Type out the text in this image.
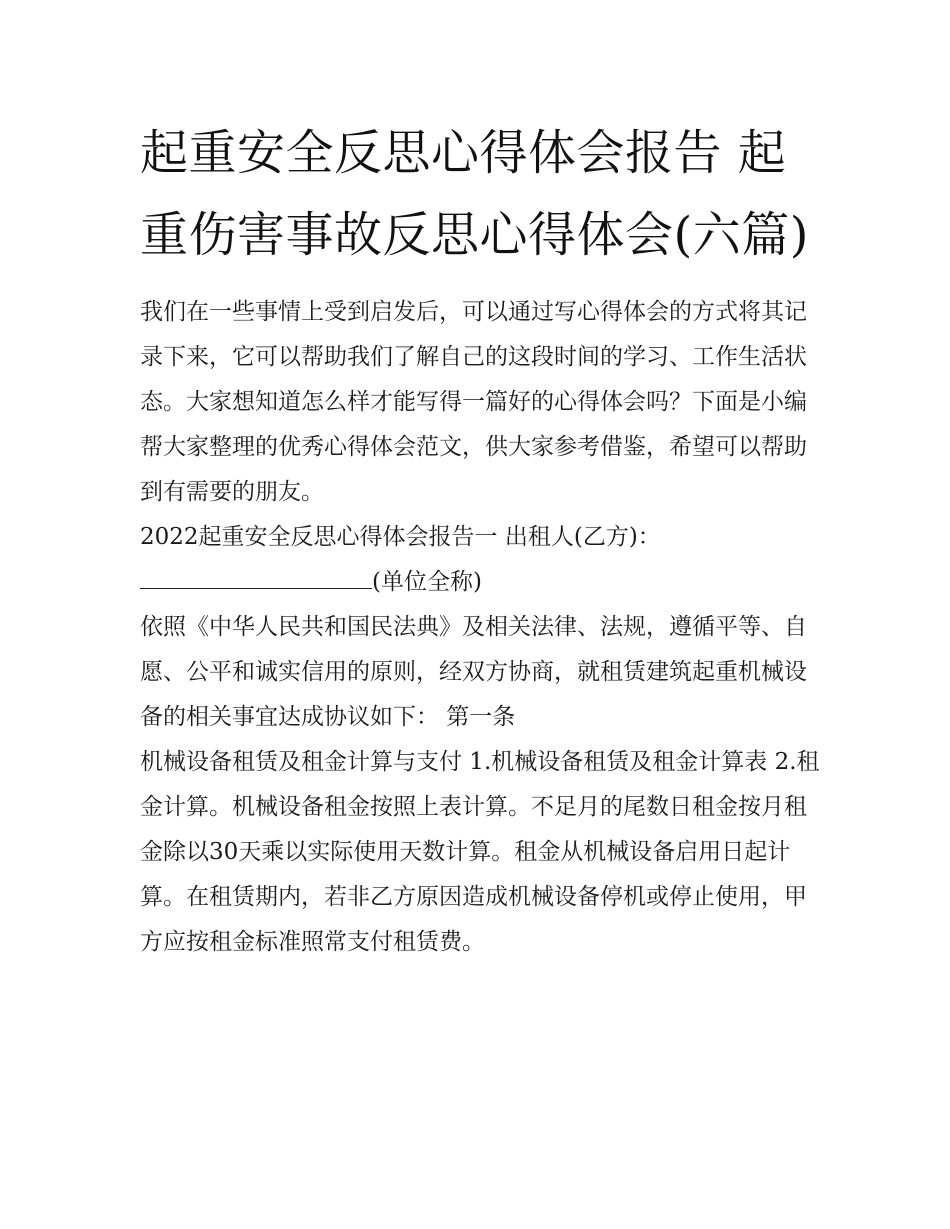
起重安全反思心得体会报告 起重伤害事故反思心得体会(六篇)

我们在一些事情上受到启发后，可以通过写心得体会的方式将其记录下来，它可以帮助我们了解自己的这段时间的学习、工作生活状态。大家想知道怎么样才能写得一篇好的心得体会吗？下面是小编帮大家整理的优秀心得体会范文，供大家参考借鉴，希望可以帮助到有需要的朋友。

2022起重安全反思心得体会报告一 出租人(乙方)：

(单位全称)

依照《中华人民共和国民法典》及相关法律、法规，遵循平等、自愿、公平和诚实信用的原则，经双方协商，就租赁建筑起重机械设备的相关事宜达成协议如下： 第一条

机械设备租赁及租金计算与支付 1.机械设备租赁及租金计算表 2.租金计算。机械设备租金按照上表计算。不足月的尾数日租金按月租金除以30天乘以实际使用天数计算。租金从机械设备启用日起计算。在租赁期内，若非乙方原因造成机械设备停机或停止使用，甲方应按租金标准照常支付租赁费。
